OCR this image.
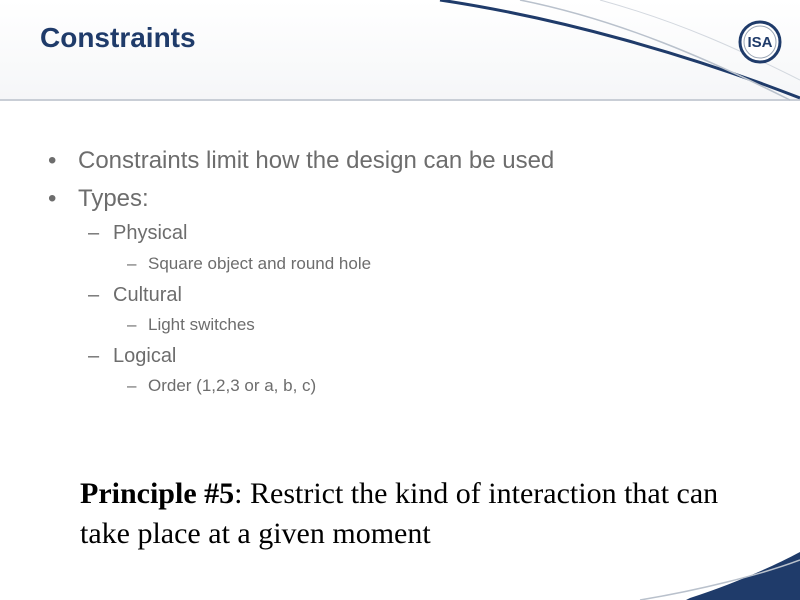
Constraints	ISA
• Constraints limit how the design can be used
• Types:
– Physical
– Square object and round hole
– Cultural
– Light switches
– Logical
– Order (1,2,3 or a, b, c)
Principle #5: Restrict the kind of interaction that can take place at a given moment
